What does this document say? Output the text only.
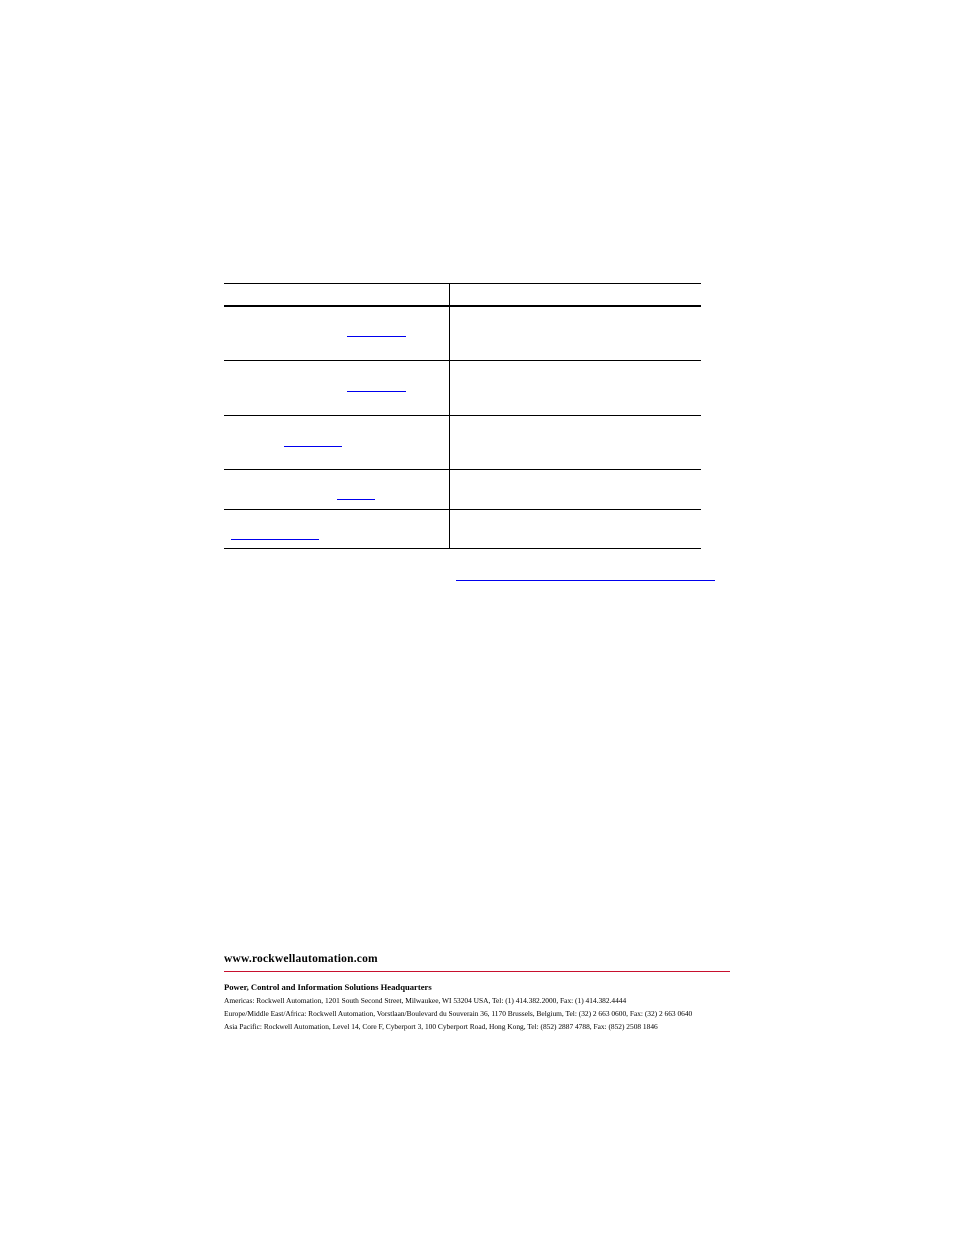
www.rockwellautomation.com
Power, Control and Information Solutions Headquarters
Americas: Rockwell Automation, 1201 South Second Street, Milwaukee, WI 53204 USA, Tel: (1) 414.382.2000, Fax: (1) 414.382.4444
Europe/Middle East/Africa: Rockwell Automation, Vorstlaan/Boulevard du Souverain 36, 1170 Brussels, Belgium, Tel: (32) 2 663 0600, Fax: (32) 2 663 0640
Asia Pacific: Rockwell Automation, Level 14, Core F, Cyberport 3, 100 Cyberport Road, Hong Kong, Tel: (852) 2887 4788, Fax: (852) 2508 1846
